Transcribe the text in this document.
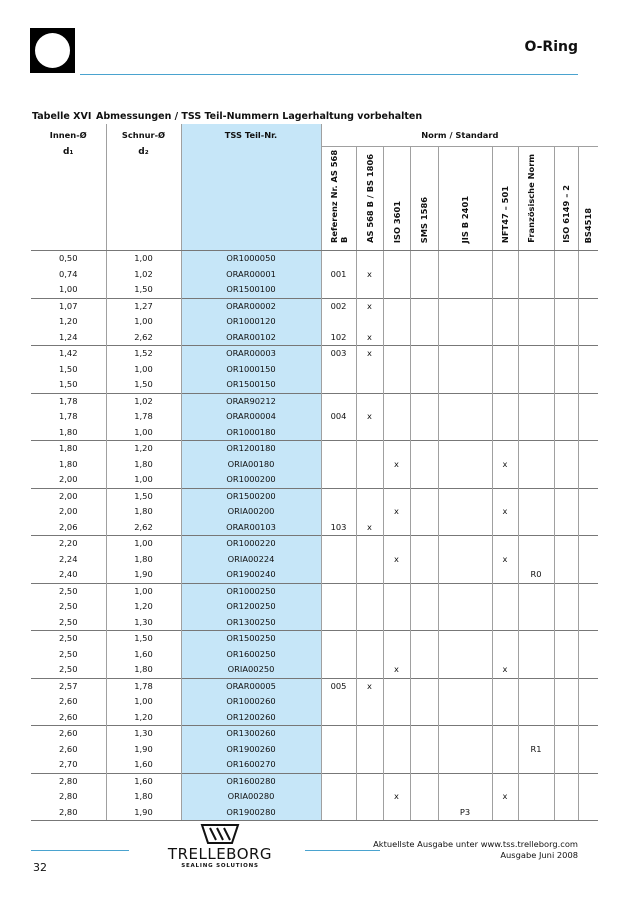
O-Ring
Tabelle XVI Abmessungen / TSS Teil-Nummern Lagerhaltung vorbehalten
Innen-Ø	Schnur-Ø	TSS Teil-Nr.	Norm / Standard								
d₁	d₂		Referenz Nr. AS 568 B	AS 568 B / BS 1806	ISO 3601	SMS 1586	JIS B 2401	NFT47 – 501	Französische Norm	ISO 6149 – 2	BS4518
0,50	1,00	OR1000050									
0,74	1,02	ORAR00001	001	x							
1,00	1,50	OR1500100									
1,07	1,27	ORAR00002	002	x							
1,20	1,00	OR1000120									
1,24	2,62	ORAR00102	102	x							
1,42	1,52	ORAR00003	003	x							
1,50	1,00	OR1000150									
1,50	1,50	OR1500150									
1,78	1,02	ORAR90212									
1,78	1,78	ORAR00004	004	x							
1,80	1,00	OR1000180									
1,80	1,20	OR1200180									
1,80	1,80	ORIA00180			x			x			
2,00	1,00	OR1000200									
2,00	1,50	OR1500200									
2,00	1,80	ORIA00200			x			x			
2,06	2,62	ORAR00103	103	x							
2,20	1,00	OR1000220									
2,24	1,80	ORIA00224			x			x			
2,40	1,90	OR1900240							R0		
2,50	1,00	OR1000250									
2,50	1,20	OR1200250									
2,50	1,30	OR1300250									
2,50	1,50	OR1500250									
2,50	1,60	OR1600250									
2,50	1,80	ORIA00250			x			x			
2,57	1,78	ORAR00005	005	x							
2,60	1,00	OR1000260									
2,60	1,20	OR1200260									
2,60	1,30	OR1300260									
2,60	1,90	OR1900260							R1		
2,70	1,60	OR1600270									
2,80	1,60	OR1600280									
2,80	1,80	ORIA00280			x			x			
2,80	1,90	OR1900280					P3				

32
TRELLEBORG
SEALING SOLUTIONS
Aktuellste Ausgabe unter www.tss.trelleborg.com
Ausgabe Juni 2008
